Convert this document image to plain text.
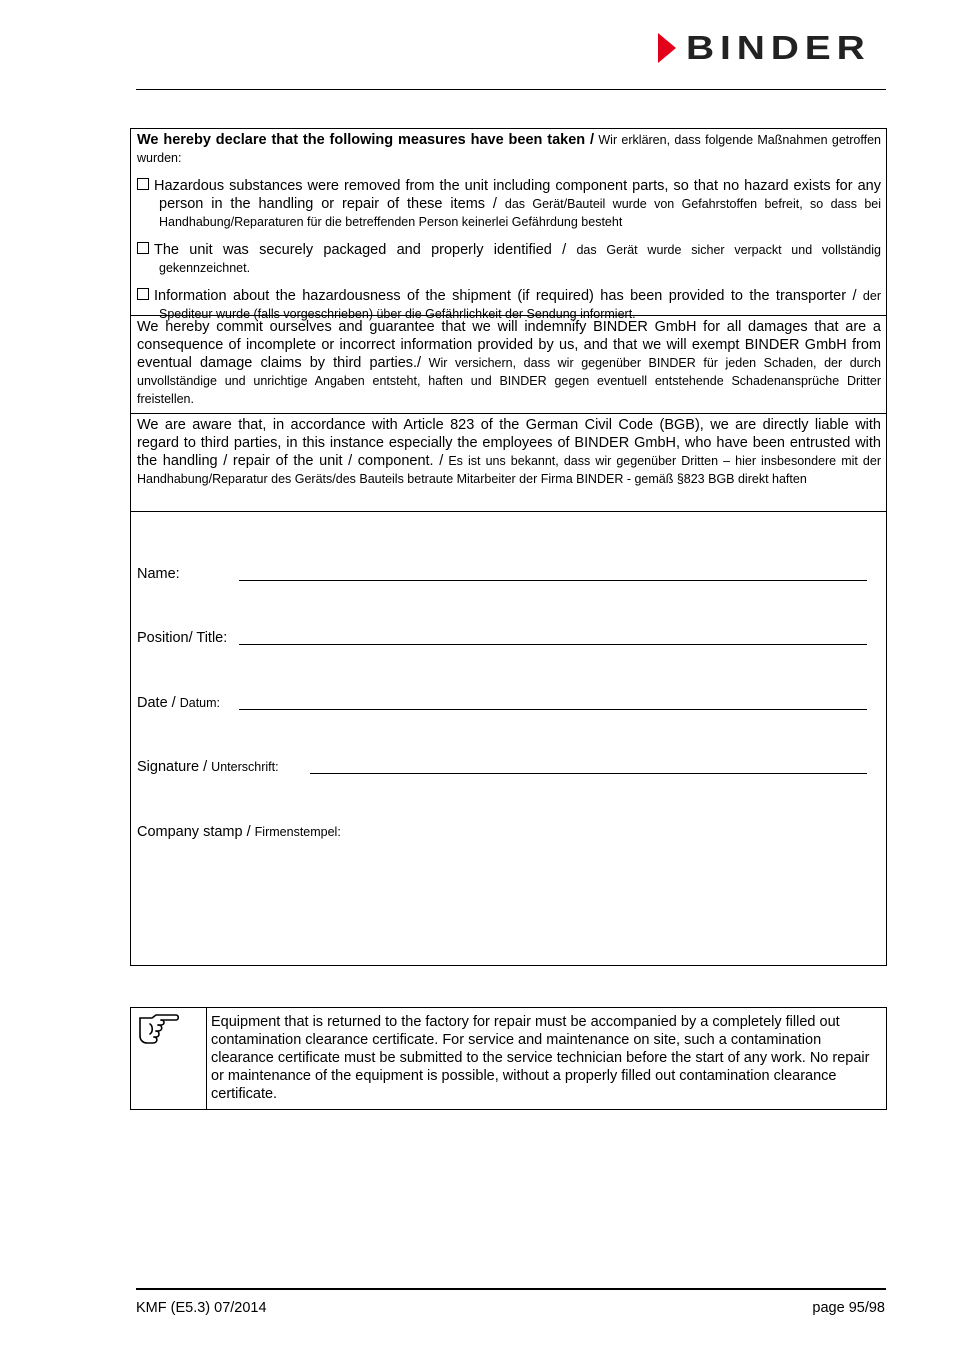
BINDER
We hereby declare that the following measures have been taken / Wir erklären, dass folgende Maßnahmen getroffen wurden:
Hazardous substances were removed from the unit including component parts, so that no hazard exists for any person in the handling or repair of these items / das Gerät/Bauteil wurde von Gefahrstoffen befreit, so dass bei Handhabung/Reparaturen für die betreffenden Person keinerlei Gefährdung besteht
The unit was securely packaged and properly identified / das Gerät wurde sicher verpackt und vollständig gekennzeichnet.
Information about the hazardousness of the shipment (if required) has been provided to the transporter / der Spediteur wurde (falls vorgeschrieben) über die Gefährlichkeit der Sendung informiert.
We hereby commit ourselves and guarantee that we will indemnify BINDER GmbH for all damages that are a consequence of incomplete or incorrect information provided by us, and that we will exempt BINDER GmbH from eventual damage claims by third parties./ Wir versichern, dass wir gegenüber BINDER für jeden Schaden, der durch unvollständige und unrichtige Angaben entsteht, haften und BINDER gegen eventuell entstehende Schadenansprüche Dritter freistellen.
We are aware that, in accordance with Article 823 of the German Civil Code (BGB), we are directly liable with regard to third parties, in this instance especially the employees of BINDER GmbH, who have been entrusted with the handling / repair of the unit / component. / Es ist uns bekannt, dass wir gegenüber Dritten – hier insbesondere mit der Handhabung/Reparatur des Geräts/des Bauteils betraute Mitarbeiter der Firma BINDER - gemäß §823 BGB direkt haften
Name:
Position/ Title:
Date / Datum:
Signature / Unterschrift:
Company stamp / Firmenstempel:
Equipment that is returned to the factory for repair must be accompanied by a completely filled out contamination clearance certificate. For service and maintenance on site, such a contamination clearance certificate must be submitted to the service technician before the start of any work. No repair or maintenance of the equipment is possible, without a properly filled out contamination clearance certificate.
KMF (E5.3) 07/2014	page 95/98
